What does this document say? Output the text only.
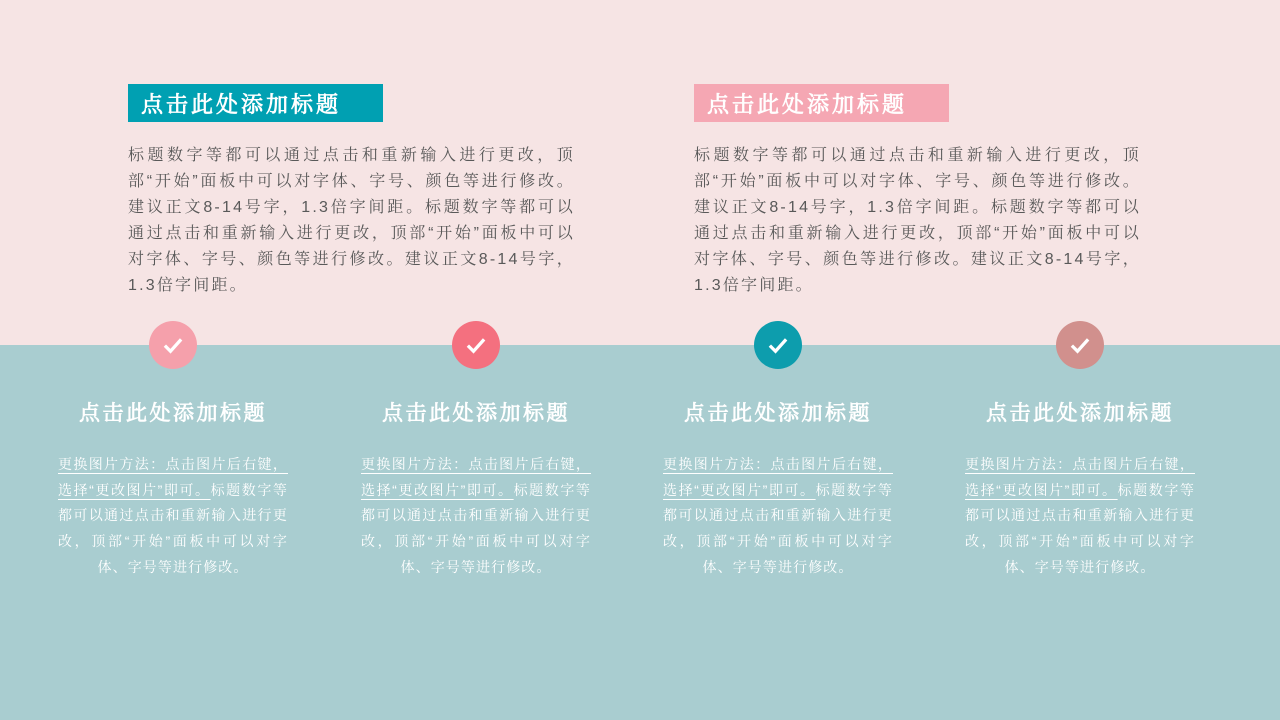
点击此处添加标题

标题数字等都可以通过点击和重新输入进行更改，顶部“开始”面板中可以对字体、字号、颜色等进行修改。建议正文8-14号字，1.3倍字间距。标题数字等都可以通过点击和重新输入进行更改，顶部“开始”面板中可以对字体、字号、颜色等进行修改。建议正文8-14号字，1.3倍字间距。

点击此处添加标题

标题数字等都可以通过点击和重新输入进行更改，顶部“开始”面板中可以对字体、字号、颜色等进行修改。建议正文8-14号字，1.3倍字间距。标题数字等都可以通过点击和重新输入进行更改，顶部“开始”面板中可以对字体、字号、颜色等进行修改。建议正文8-14号字，1.3倍字间距。

点击此处添加标题

更换图片方法：点击图片后右键，选择“更改图片”即可。标题数字等都可以通过点击和重新输入进行更改，顶部“开始”面板中可以对字体、字号等进行修改。

点击此处添加标题

更换图片方法：点击图片后右键，选择“更改图片”即可。标题数字等都可以通过点击和重新输入进行更改，顶部“开始”面板中可以对字体、字号等进行修改。

点击此处添加标题

更换图片方法：点击图片后右键，选择“更改图片”即可。标题数字等都可以通过点击和重新输入进行更改，顶部“开始”面板中可以对字体、字号等进行修改。

点击此处添加标题

更换图片方法：点击图片后右键，选择“更改图片”即可。标题数字等都可以通过点击和重新输入进行更改，顶部“开始”面板中可以对字体、字号等进行修改。
